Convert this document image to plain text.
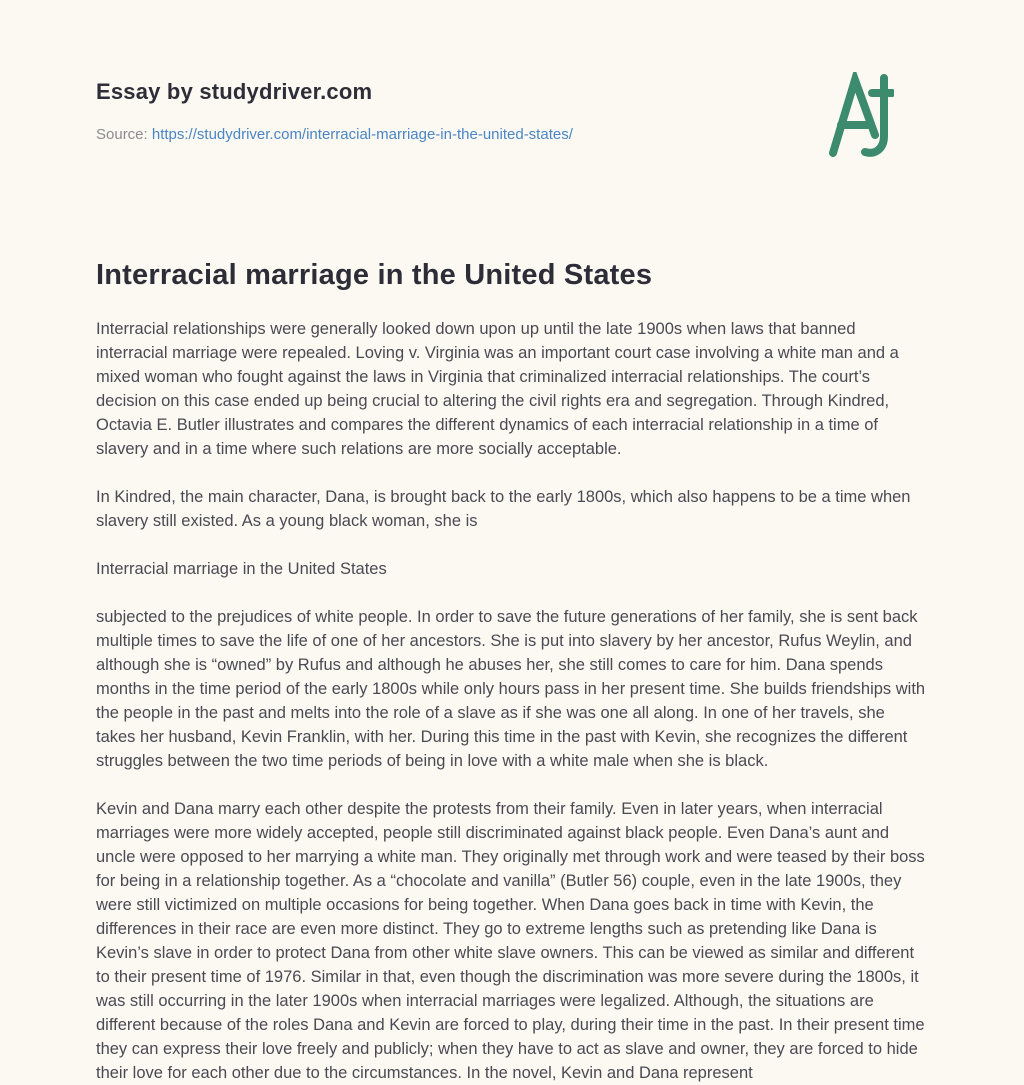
Essay by studydriver.com
Source: https://studydriver.com/interracial-marriage-in-the-united-states/
Interracial marriage in the United States

Interracial relationships were generally looked down upon up until the late 1900s when laws that banned interracial marriage were repealed. Loving v. Virginia was an important court case involving a white man and a mixed woman who fought against the laws in Virginia that criminalized interracial relationships. The court’s decision on this case ended up being crucial to altering the civil rights era and segregation. Through Kindred, Octavia E. Butler illustrates and compares the different dynamics of each interracial relationship in a time of slavery and in a time where such relations are more socially acceptable.

In Kindred, the main character, Dana, is brought back to the early 1800s, which also happens to be a time when slavery still existed. As a young black woman, she is

Interracial marriage in the United States

subjected to the prejudices of white people. In order to save the future generations of her family, she is sent back multiple times to save the life of one of her ancestors. She is put into slavery by her ancestor, Rufus Weylin, and although she is “owned” by Rufus and although he abuses her, she still comes to care for him. Dana spends months in the time period of the early 1800s while only hours pass in her present time. She builds friendships with the people in the past and melts into the role of a slave as if she was one all along. In one of her travels, she takes her husband, Kevin Franklin, with her. During this time in the past with Kevin, she recognizes the different struggles between the two time periods of being in love with a white male when she is black.

Kevin and Dana marry each other despite the protests from their family. Even in later years, when interracial marriages were more widely accepted, people still discriminated against black people. Even Dana’s aunt and uncle were opposed to her marrying a white man. They originally met through work and were teased by their boss for being in a relationship together. As a “chocolate and vanilla” (Butler 56) couple, even in the late 1900s, they were still victimized on multiple occasions for being together. When Dana goes back in time with Kevin, the differences in their race are even more distinct. They go to extreme lengths such as pretending like Dana is Kevin’s slave in order to protect Dana from other white slave owners. This can be viewed as similar and different to their present time of 1976. Similar in that, even though the discrimination was more severe during the 1800s, it was still occurring in the later 1900s when interracial marriages were legalized. Although, the situations are different because of the roles Dana and Kevin are forced to play, during their time in the past. In their present time they can express their love freely and publicly; when they have to act as slave and owner, they are forced to hide their love for each other due to the circumstances. In the novel, Kevin and Dana represent
